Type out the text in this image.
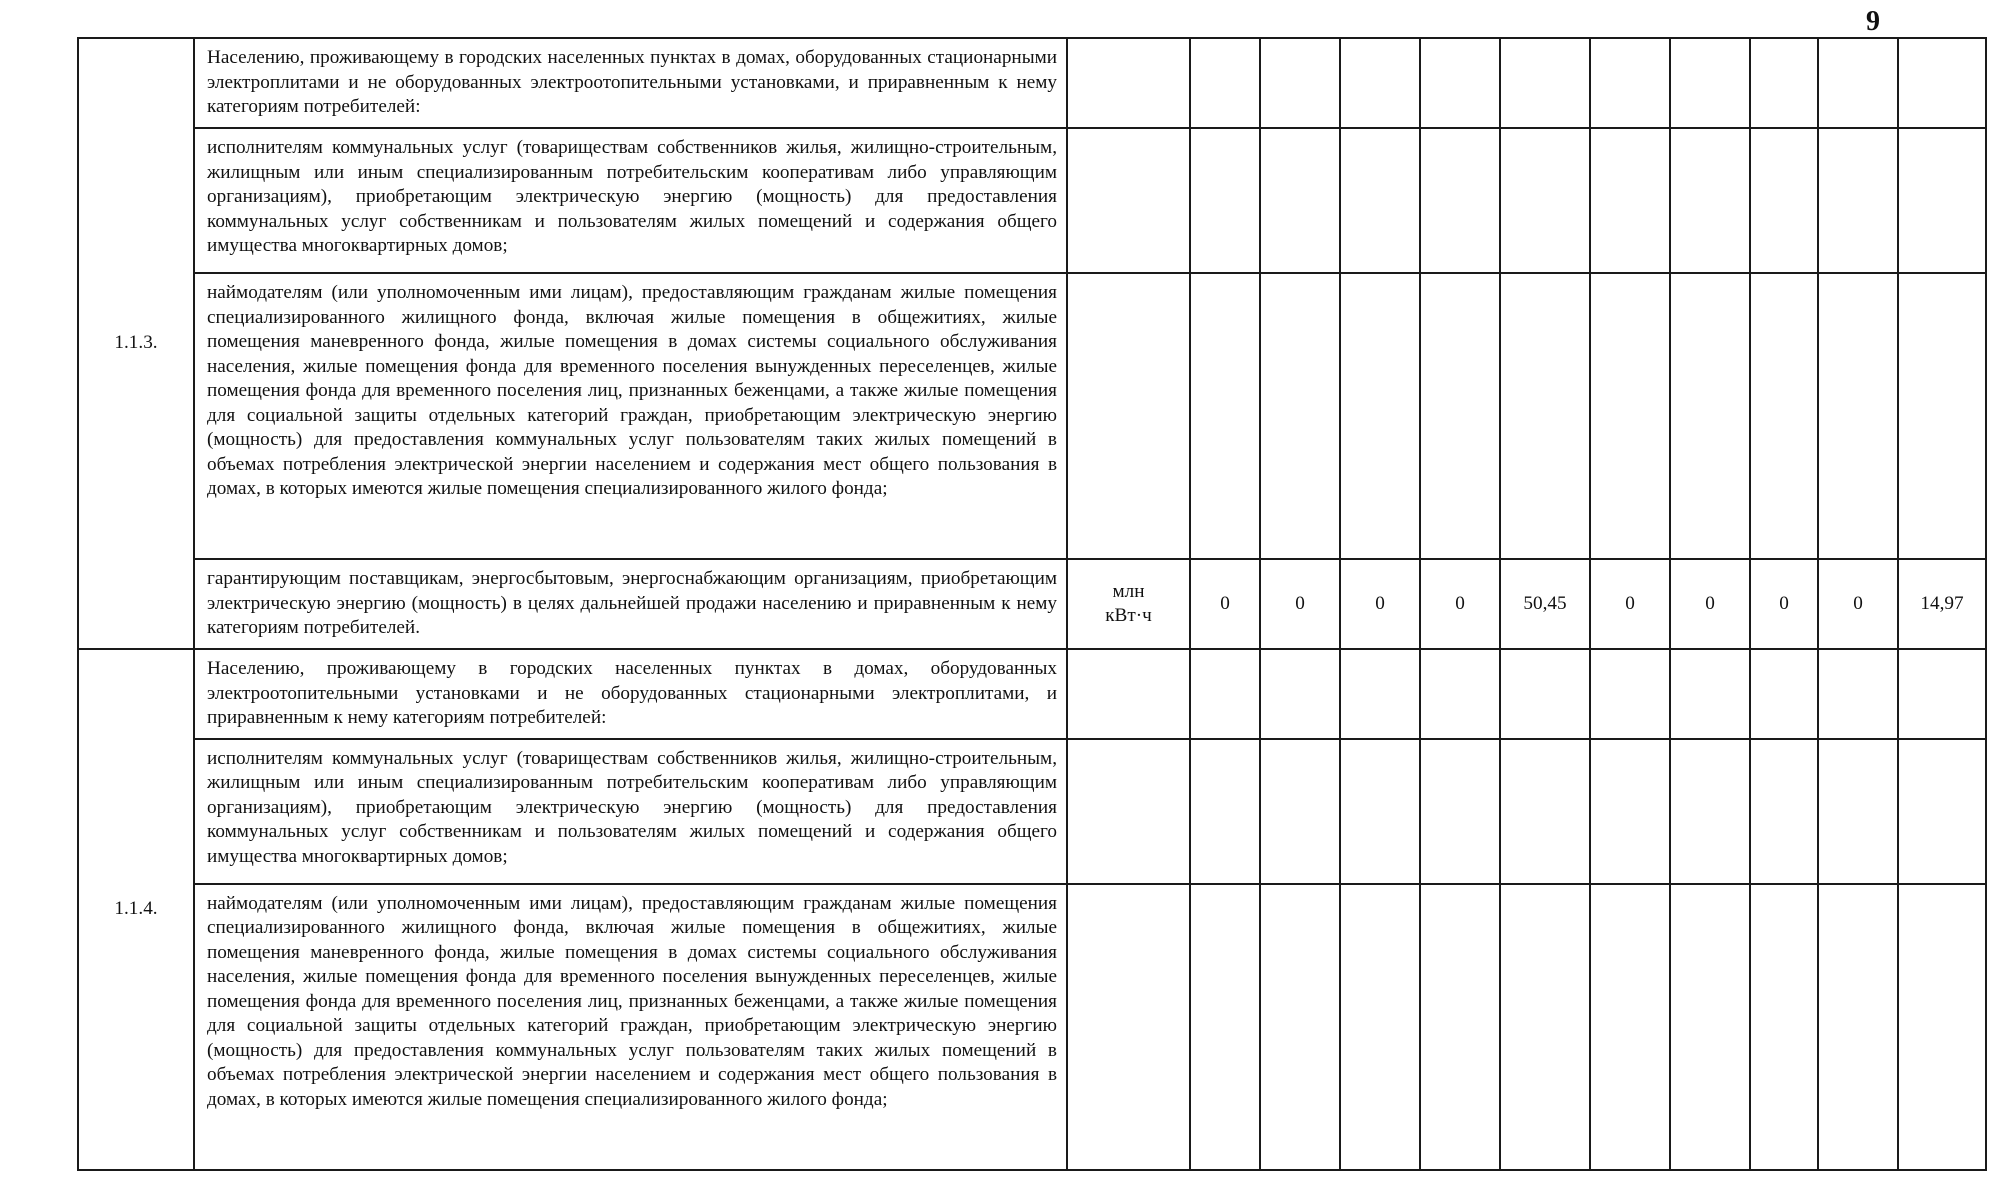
9
1.1.3.	Населению, проживающему в городских населенных пунктах в домах, оборудованных стационарными электроплитами и не оборудованных электроотопительными установками, и приравненным к нему категориям потребителей:											
	исполнителям коммунальных услуг (товариществам собственников жилья, жилищно-строительным, жилищным или иным специализированным потребительским кооперативам либо управляющим организациям), приобретающим электрическую энергию (мощность) для предоставления коммунальных услуг собственникам и пользователям жилых помещений и содержания общего имущества многоквартирных домов;											
	наймодателям (или уполномоченным ими лицам), предоставляющим гражданам жилые помещения специализированного жилищного фонда, включая жилые помещения в общежитиях, жилые помещения маневренного фонда, жилые помещения в домах системы социального обслуживания населения, жилые помещения фонда для временного поселения вынужденных переселенцев, жилые помещения фонда для временного поселения лиц, признанных беженцами, а также жилые помещения для социальной защиты отдельных категорий граждан, приобретающим электрическую энергию (мощность) для предоставления коммунальных услуг пользователям таких жилых помещений в объемах потребления электрической энергии населением и содержания мест общего пользования в домах, в которых имеются жилые помещения специализированного жилого фонда;											
	гарантирующим поставщикам, энергосбытовым, энергоснабжающим организациям, приобретающим электрическую энергию (мощность) в целях дальнейшей продажи населению и приравненным к нему категориям потребителей.	млн
кВт·ч	0	0	0	0	50,45	0	0	0	0	14,97
1.1.4.	Населению, проживающему в городских населенных пунктах в домах, оборудованных электроотопительными установками и не оборудованных стационарными электроплитами, и приравненным к нему категориям потребителей:											
	исполнителям коммунальных услуг (товариществам собственников жилья, жилищно-строительным, жилищным или иным специализированным потребительским кооперативам либо управляющим организациям), приобретающим электрическую энергию (мощность) для предоставления коммунальных услуг собственникам и пользователям жилых помещений и содержания общего имущества многоквартирных домов;											
	наймодателям (или уполномоченным ими лицам), предоставляющим гражданам жилые помещения специализированного жилищного фонда, включая жилые помещения в общежитиях, жилые помещения маневренного фонда, жилые помещения в домах системы социального обслуживания населения, жилые помещения фонда для временного поселения вынужденных переселенцев, жилые помещения фонда для временного поселения лиц, признанных беженцами, а также жилые помещения для социальной защиты отдельных категорий граждан, приобретающим электрическую энергию (мощность) для предоставления коммунальных услуг пользователям таких жилых помещений в объемах потребления электрической энергии населением и содержания мест общего пользования в домах, в которых имеются жилые помещения специализированного жилого фонда;											
